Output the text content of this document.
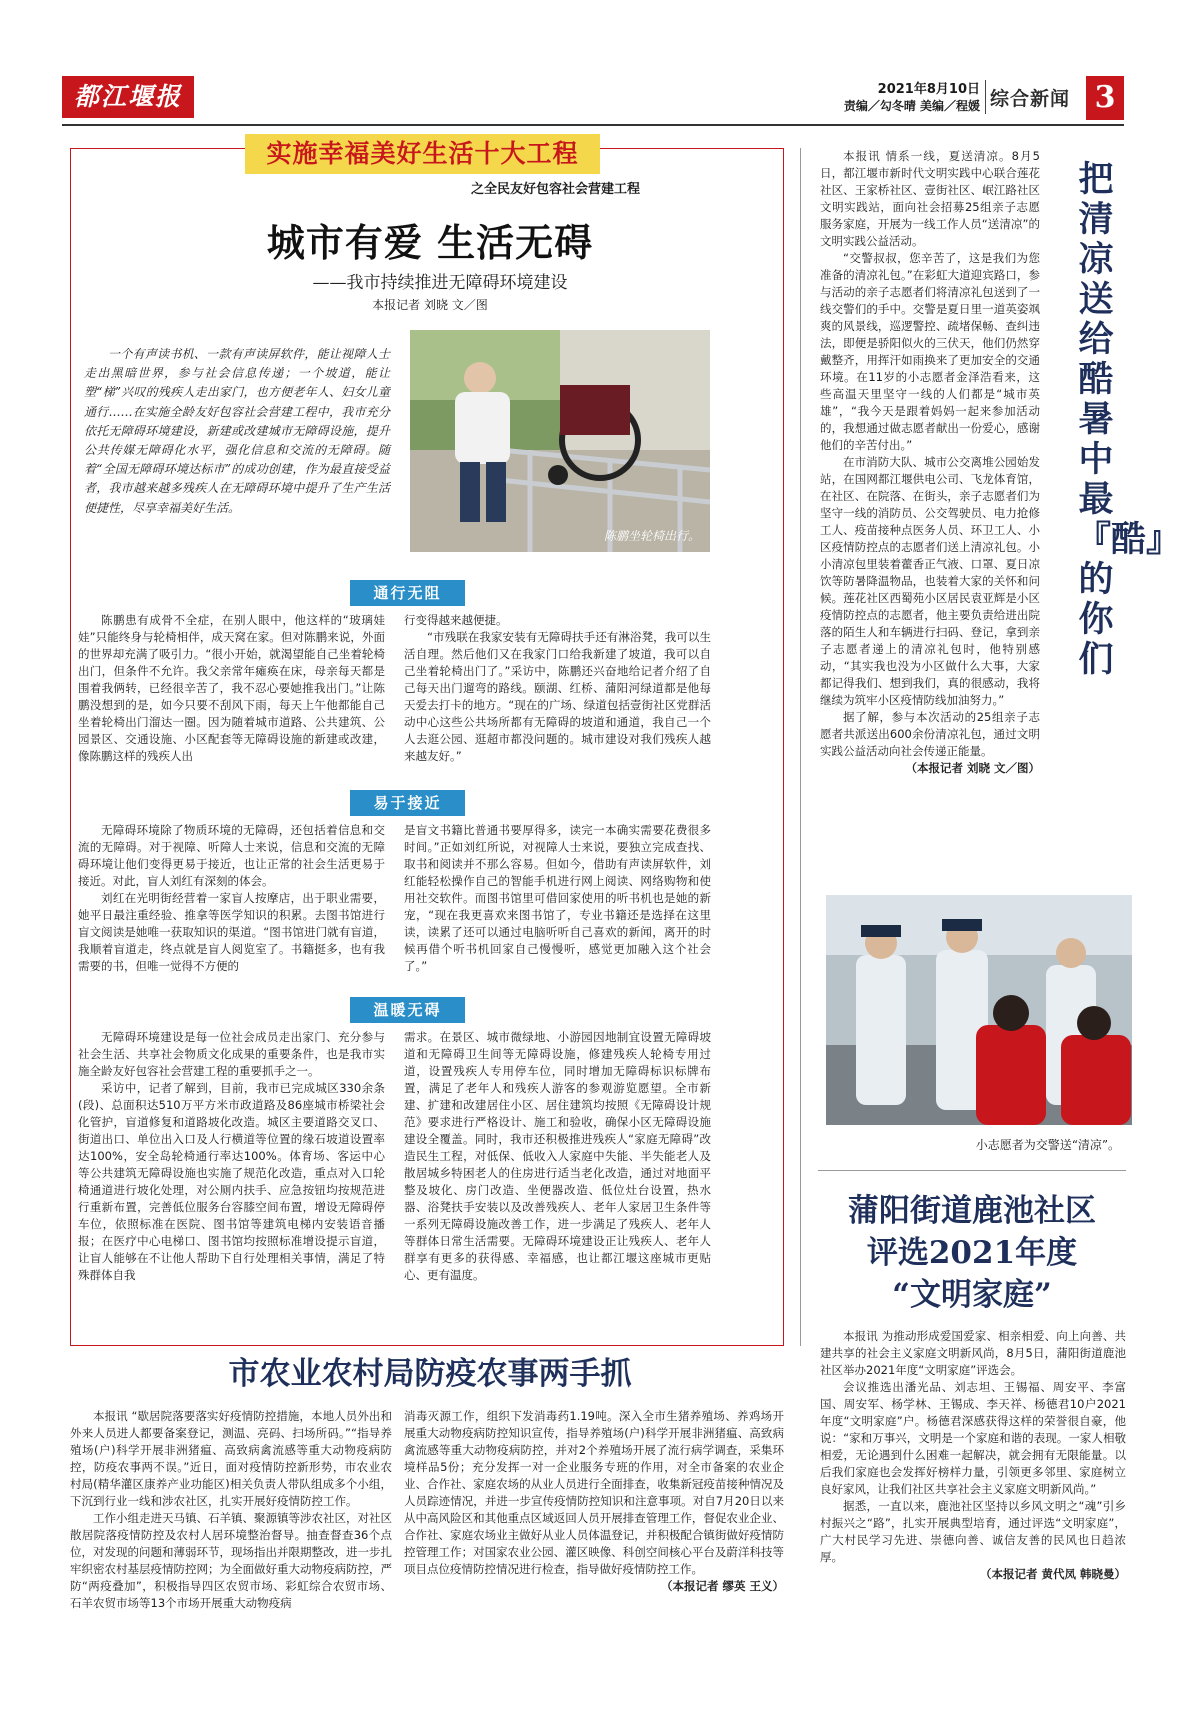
都江堰报	2021年8月10日
责编／勾冬晴 美编／程媛 综合新闻 3
实施幸福美好生活十大工程
之全民友好包容社会营建工程
城市有爱 生活无碍
——我市持续推进无障碍环境建设
本报记者 刘晓 文／图
一个有声读书机、一款有声读屏软件，能让视障人士走出黑暗世界，参与社会信息传递；一个坡道，能让塑“梯”兴叹的残疾人走出家门，也方便老年人、妇女儿童通行……在实施全龄友好包容社会营建工程中，我市充分依托无障碍环境建设，新建或改建城市无障碍设施，提升公共传媒无障碍化水平，强化信息和交流的无障碍。随着“全国无障碍环境达标市”的成功创建，作为最直接受益者，我市越来越多残疾人在无障碍环境中提升了生产生活便捷性，尽享幸福美好生活。
陈鹏坐轮椅出行。
通行无阻

陈鹏患有成骨不全症，在别人眼中，他这样的“玻璃娃娃”只能终身与轮椅相伴，成天窝在家。但对陈鹏来说，外面的世界却充满了吸引力。“很小开始，就渴望能自己坐着轮椅出门，但条件不允许。我父亲常年瘫痪在床，母亲每天都是围着我俩转，已经很辛苦了，我不忍心要她推我出门。”让陈鹏没想到的是，如今只要不刮风下雨，每天上午他都能自己坐着轮椅出门溜达一圈。因为随着城市道路、公共建筑、公园景区、交通设施、小区配套等无障碍设施的新建或改建，像陈鹏这样的残疾人出

行变得越来越便捷。

“市残联在我家安装有无障碍扶手还有淋浴凳，我可以生活自理。然后他们又在我家门口给我新建了坡道，我可以自己坐着轮椅出门了。”采访中，陈鹏还兴奋地给记者介绍了自己每天出门遛弯的路线。颐湖、红桥、蒲阳河绿道都是他每天爱去打卡的地方。“现在的广场、绿道包括壹街社区党群活动中心这些公共场所都有无障碍的坡道和通道，我自己一个人去逛公园、逛超市都没问题的。城市建设对我们残疾人越来越友好。”

易于接近

无障碍环境除了物质环境的无障碍，还包括着信息和交流的无障碍。对于视障、听障人士来说，信息和交流的无障碍环境让他们变得更易于接近，也让正常的社会生活更易于接近。对此，盲人刘红有深刻的体会。

刘红在光明街经营着一家盲人按摩店，出于职业需要，她平日最注重经验、推拿等医学知识的积累。去图书馆进行盲文阅读是她唯一获取知识的渠道。“图书馆进门就有盲道，我顺着盲道走，终点就是盲人阅览室了。书籍挺多，也有我需要的书，但唯一觉得不方便的

是盲文书籍比普通书要厚得多，读完一本确实需要花费很多时间。”正如刘红所说，对视障人士来说，要独立完成查找、取书和阅读并不那么容易。但如今，借助有声读屏软件，刘红能轻松操作自己的智能手机进行网上阅读、网络购物和使用社交软件。而图书馆里可借回家使用的听书机也是她的新宠，“现在我更喜欢来图书馆了，专业书籍还是选择在这里读，读累了还可以通过电脑听听自己喜欢的新闻，离开的时候再借个听书机回家自己慢慢听，感觉更加融入这个社会了。”

温暖无碍

无障碍环境建设是每一位社会成员走出家门、充分参与社会生活、共享社会物质文化成果的重要条件，也是我市实施全龄友好包容社会营建工程的重要抓手之一。

采访中，记者了解到，目前，我市已完成城区330余条(段)、总面积达510万平方米市政道路及86座城市桥梁社会化管护，盲道修复和道路坡化改造。城区主要道路交叉口、街道出口、单位出入口及人行横道等位置的缘石坡道设置率达100%，安全岛轮椅通行率达100%。体育场、客运中心等公共建筑无障碍设施也实施了规范化改造，重点对入口轮椅通道进行坡化处理，对公厕内扶手、应急按钮均按规范进行重新布置，完善低位服务台容膝空间布置，增设无障碍停车位，依照标准在医院、图书馆等建筑电梯内安装语音播报；在医疗中心电梯口、图书馆均按照标准增设提示盲道，让盲人能够在不让他人帮助下自行处理相关事情，满足了特殊群体自我

需求。在景区、城市微绿地、小游园因地制宜设置无障碍坡道和无障碍卫生间等无障碍设施，修建残疾人轮椅专用过道，设置残疾人专用停车位，同时增加无障碍标识标牌布置，满足了老年人和残疾人游客的参观游览愿望。全市新建、扩建和改建居住小区、居住建筑均按照《无障碍设计规范》要求进行严格设计、施工和验收，确保小区无障碍设施建设全覆盖。同时，我市还积极推进残疾人“家庭无障碍”改造民生工程，对低保、低收入人家庭中失能、半失能老人及散居城乡特困老人的住房进行适当老化改造，通过对地面平整及坡化、房门改造、坐便器改造、低位灶台设置，热水器、浴凳扶手安装以及改善残疾人、老年人家居卫生条件等一系列无障碍设施改善工作，进一步满足了残疾人、老年人等群体日常生活需要。无障碍环境建设正让残疾人、老年人群享有更多的获得感、幸福感，也让都江堰这座城市更贴心、更有温度。

本报讯 情系一线，夏送清凉。8月5日，都江堰市新时代文明实践中心联合莲花社区、王家桥社区、壹街社区、岷江路社区文明实践站，面向社会招募25组亲子志愿服务家庭，开展为一线工作人员“送清凉”的文明实践公益活动。

“交警叔叔，您辛苦了，这是我们为您准备的清凉礼包。”在彩虹大道迎宾路口，参与活动的亲子志愿者们将清凉礼包送到了一线交警们的手中。交警是夏日里一道英姿飒爽的风景线，巡逻警控、疏堵保畅、查纠违法，即便是骄阳似火的三伏天，他们仍然穿戴整齐，用挥汗如雨换来了更加安全的交通环境。在11岁的小志愿者金泽浩看来，这些高温天里坚守一线的人们都是“城市英雄”，“我今天是跟着妈妈一起来参加活动的，我想通过做志愿者献出一份爱心，感谢他们的辛苦付出。”

在市消防大队、城市公交离堆公园始发站，在国网都江堰供电公司、飞龙体育馆，在社区、在院落、在街头，亲子志愿者们为坚守一线的消防员、公交驾驶员、电力抢修工人、疫苗接种点医务人员、环卫工人、小区疫情防控点的志愿者们送上清凉礼包。小小清凉包里装着藿香正气液、口罩、夏日凉饮等防暑降温物品，也装着大家的关怀和问候。莲花社区西蜀苑小区居民袁亚辉是小区疫情防控点的志愿者，他主要负责给进出院落的陌生人和车辆进行扫码、登记，拿到亲子志愿者递上的清凉礼包时，他特别感动，“其实我也没为小区做什么大事，大家都记得我们、想到我们，真的很感动，我将继续为筑牢小区疫情防线加油努力。”

据了解，参与本次活动的25组亲子志愿者共派送出600余份清凉礼包，通过文明实践公益活动向社会传递正能量。

（本报记者 刘晓 文／图）
把清凉送给酷暑中最『酷』的你们
小志愿者为交警送“清凉”。
蒲阳街道鹿池社区
评选2021年度
“文明家庭”

本报讯 为推动形成爱国爱家、相亲相爱、向上向善、共建共享的社会主义家庭文明新风尚，8月5日，蒲阳街道鹿池社区举办2021年度“文明家庭”评选会。

会议推选出潘光品、刘志坦、王锡福、周安平、李富国、周安军、杨学林、王锡成、李天祥、杨德君10户2021年度“文明家庭”户。杨德君深感获得这样的荣誉很自豪，他说：“家和万事兴，文明是一个家庭和谐的表现。一家人相敬相爱，无论遇到什么困难一起解决，就会拥有无限能量。以后我们家庭也会发挥好榜样力量，引领更多邻里、家庭树立良好家风，让我们社区共享社会主义家庭文明新风尚。”

据悉，一直以来，鹿池社区坚持以乡风文明之“魂”引乡村振兴之“路”，扎实开展典型培育，通过评选“文明家庭”，广大村民学习先进、崇德向善、诚信友善的民风也日趋浓厚。

（本报记者 黄代凤 韩晓曼）
市农业农村局防疫农事两手抓

本报讯 “歇居院落要落实好疫情防控措施，本地人员外出和外来人员进人都要备案登记，测温、亮码、扫场所码。”“指导养殖场(户)科学开展非洲猪瘟、高致病禽流感等重大动物疫病防控，防疫农事两不误。”近日，面对疫情防控新形势，市农业农村局(精华灌区康养产业功能区)相关负责人带队组成多个小组，下沉到行业一线和涉农社区，扎实开展好疫情防控工作。

工作小组走进天马镇、石羊镇、聚源镇等涉农社区，对社区散居院落疫情防控及农村人居环境整治督导。抽查督查36个点位，对发现的问题和薄弱环节，现场指出并限期整改，进一步扎牢织密农村基层疫情防控网；为全面做好重大动物疫病防控，严防“两疫叠加”，积极指导四区农贸市场、彩虹综合农贸市场、石羊农贸市场等13个市场开展重大动物疫病

消毒灭源工作，组织下发消毒药1.19吨。深入全市生猪养殖场、养鸡场开展重大动物疫病防控知识宣传，指导养殖场(户)科学开展非洲猪瘟、高致病禽流感等重大动物疫病防控，并对2个养殖场开展了流行病学调查，采集环境样品5份；充分发挥一对一企业服务专班的作用，对全市备案的农业企业、合作社、家庭农场的从业人员进行全面排查，收集新冠疫苗接种情况及人员踪迹情况，并进一步宣传疫情防控知识和注意事项。对自7月20日以来从中高风险区和其他重点区域返回人员开展排查管理工作，督促农业企业、合作社、家庭农场业主做好从业人员体温登记，并积极配合镇街做好疫情防控管理工作；对国家农业公园、灌区映像、科创空间核心平台及蔚洋科技等项目点位疫情防控情况进行检查，指导做好疫情防控工作。

（本报记者 缪英 王义）
